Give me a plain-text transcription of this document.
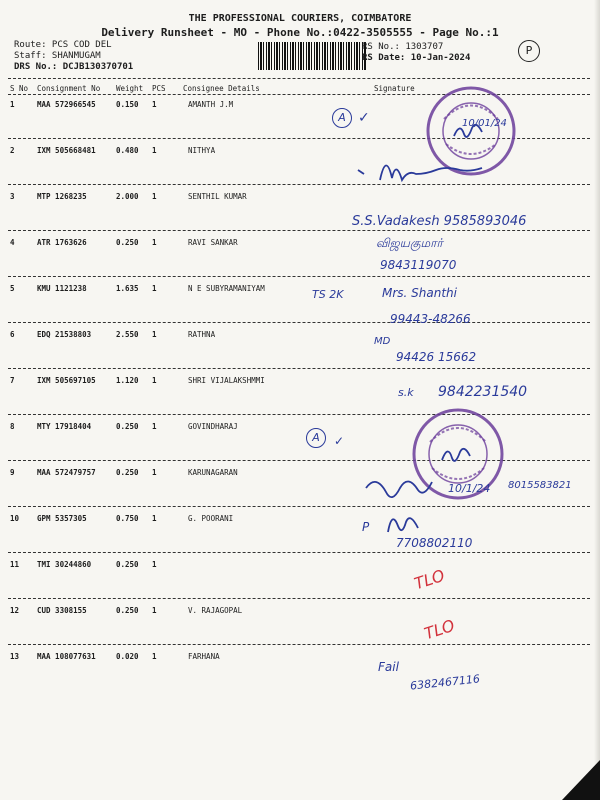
THE PROFESSIONAL COURIERS, COIMBATORE
Delivery Runsheet - MO - Phone No.:0422-3505555 - Page No.:1
Route: PCS COD DEL
Staff: SHANMUGAM
DRS No.: DCJB130370701
RS No.: 1303707
RS Date: 10-Jan-2024
P
S No Consignment No Weight PCS Consignee Details	Signature
1	MAA 572966545	0.150 1	AMANTH J.M
2	IXM 505668481	0.480 1	NITHYA
3	MTP 1268235	2.000 1	SENTHIL KUMAR
4	ATR 1763626	0.250 1	RAVI SANKAR
5	KMU 1121238	1.635 1	N E SUBYRAMANIYAM
6	EDQ 21538803	2.550 1	RATHNA
7	IXM 505697105	1.120 1	SHRI VIJALAKSHMMI
8	MTY 17918404	0.250 1	GOVINDHARAJ
9	MAA 572479757	0.250 1	KARUNAGARAN
10 GPM 5357305	0.750 1	G. POORANI
11 TMI 30244860	0.250 1
12 CUD 3308155	0.250 1	V. RAJAGOPAL
13 MAA 108077631	0.020 1	FARHANA
10/01/24
A ✓
S.S.Vadakesh 9585893046
விஜயகுமார்
9843119070
TS 2K	Mrs. Shanthi
99443-48266
MD
94426 15662
s.k 9842231540
A	✓
10/1/24 8015583821
P
7708802110
TLO
TLO
Fail
6382467116
